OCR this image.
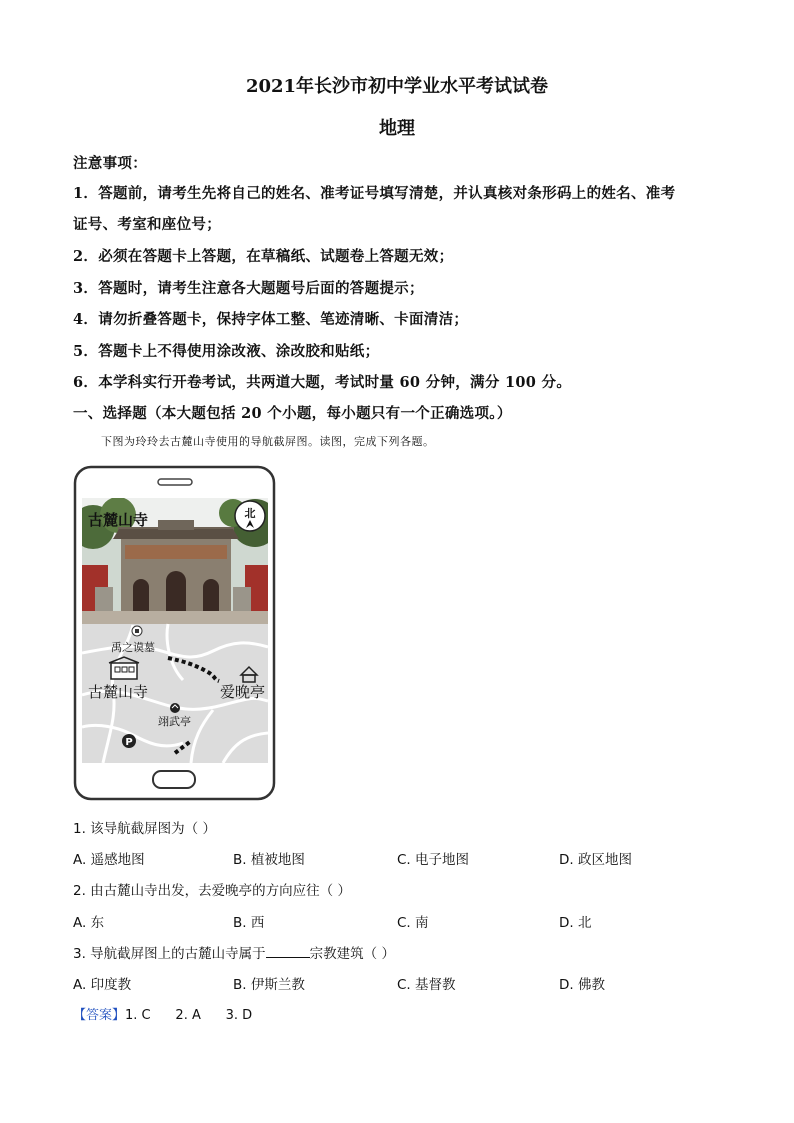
2021年长沙市初中学业水平考试试卷
地理
注意事项：
1．答题前，请考生先将自己的姓名、准考证号填写清楚，并认真核对条形码上的姓名、准考
证号、考室和座位号；
2．必须在答题卡上答题，在草稿纸、试题卷上答题无效；
3．答题时，请考生注意各大题题号后面的答题提示；
4．请勿折叠答题卡，保持字体工整、笔迹清晰、卡面清洁；
5．答题卡上不得使用涂改液、涂改胶和贴纸；
6．本学科实行开卷考试，共两道大题，考试时量 60 分钟，满分 100 分。
一、选择题（本大题包括 20 个小题，每小题只有一个正确选项。）
下图为玲玲去古麓山寺使用的导航截屏图。读图，完成下列各题。
古麓山寺	北
禹之谟墓
古麓山寺	爱晚亭
翊武亭
P
1. 该导航截屏图为（ ）
A. 遥感地图	B. 植被地图	C. 电子地图	D. 政区地图
2. 由古麓山寺出发，去爱晚亭的方向应往（ ）
A. 东	B. 西	C. 南	D. 北
3. 导航截屏图上的古麓山寺属于	宗教建筑（ ）
A. 印度教	B. 伊斯兰教	C. 基督教	D. 佛教
【答案】1. C      2. A      3. D
